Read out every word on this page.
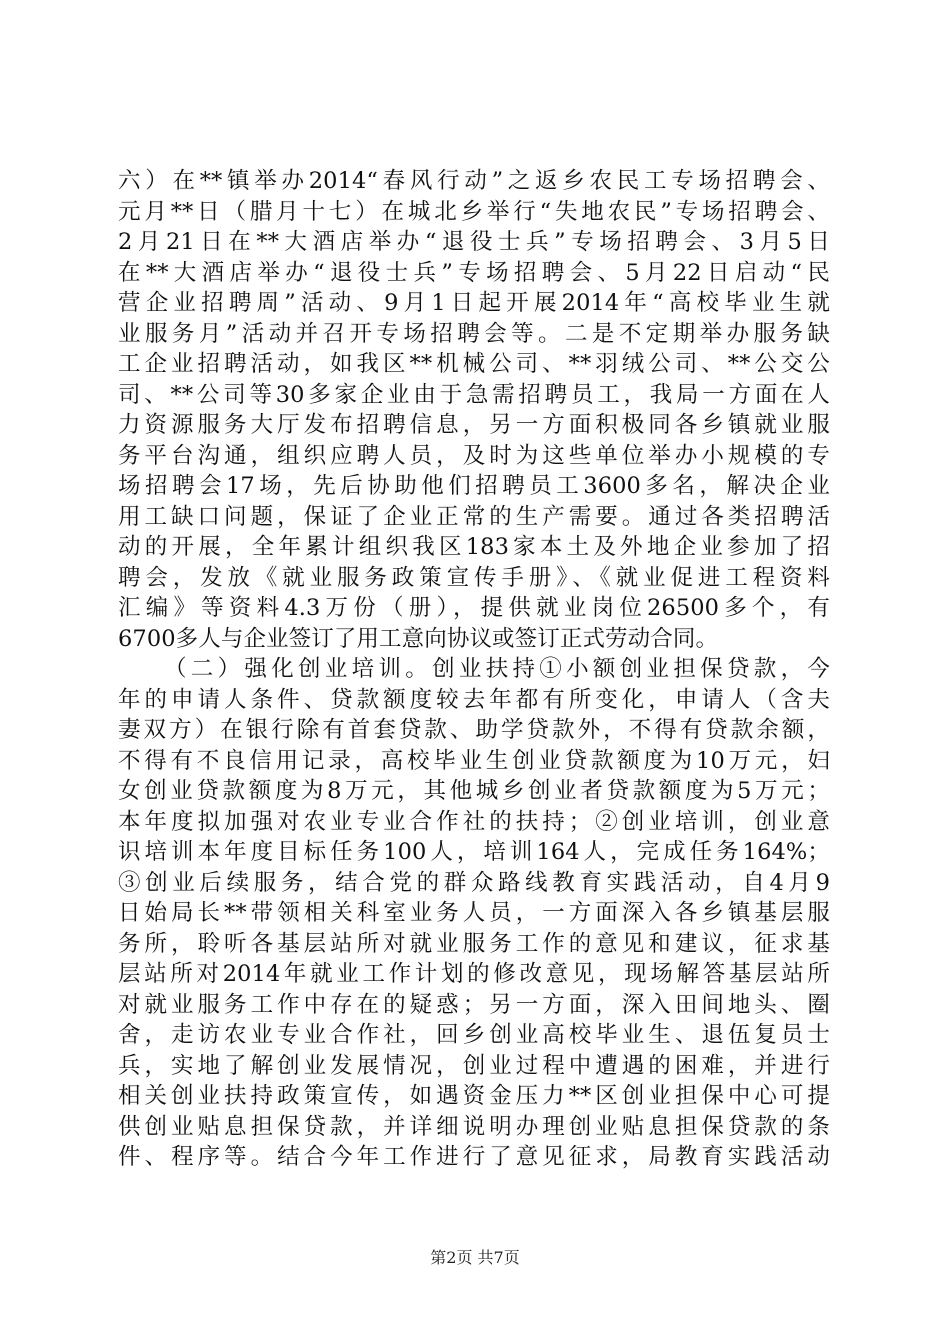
六）在**镇举办2014“春风行动”之返乡农民工专场招聘会、
元月**日（腊月十七）在城北乡举行“失地农民”专场招聘会、
2月21日在**大酒店举办“退役士兵”专场招聘会、3月5日
在**大酒店举办“退役士兵”专场招聘会、5月22日启动“民
营企业招聘周”活动、9月1日起开展2014年“高校毕业生就
业服务月”活动并召开专场招聘会等。二是不定期举办服务缺
工企业招聘活动，如我区**机械公司、**羽绒公司、**公交公
司、**公司等30多家企业由于急需招聘员工，我局一方面在人
力资源服务大厅发布招聘信息，另一方面积极同各乡镇就业服
务平台沟通，组织应聘人员，及时为这些单位举办小规模的专
场招聘会17场，先后协助他们招聘员工3600多名，解决企业
用工缺口问题，保证了企业正常的生产需要。通过各类招聘活
动的开展，全年累计组织我区183家本土及外地企业参加了招
聘会，发放《就业服务政策宣传手册》、《就业促进工程资料
汇编》等资料4.3万份（册），提供就业岗位26500多个，有
6700多人与企业签订了用工意向协议或签订正式劳动合同。
（二）强化创业培训。创业扶持①小额创业担保贷款，今
年的申请人条件、贷款额度较去年都有所变化，申请人（含夫
妻双方）在银行除有首套贷款、助学贷款外，不得有贷款余额，
不得有不良信用记录，高校毕业生创业贷款额度为10万元，妇
女创业贷款额度为8万元，其他城乡创业者贷款额度为5万元；
本年度拟加强对农业专业合作社的扶持；②创业培训，创业意
识培训本年度目标任务100人，培训164人，完成任务164%；
③创业后续服务，结合党的群众路线教育实践活动，自4月9
日始局长**带领相关科室业务人员，一方面深入各乡镇基层服
务所，聆听各基层站所对就业服务工作的意见和建议，征求基
层站所对2014年就业工作计划的修改意见，现场解答基层站所
对就业服务工作中存在的疑惑；另一方面，深入田间地头、圈
舍，走访农业专业合作社，回乡创业高校毕业生、退伍复员士
兵，实地了解创业发展情况，创业过程中遭遇的困难，并进行
相关创业扶持政策宣传，如遇资金压力**区创业担保中心可提
供创业贴息担保贷款，并详细说明办理创业贴息担保贷款的条
件、程序等。结合今年工作进行了意见征求，局教育实践活动
第2页 共7页
